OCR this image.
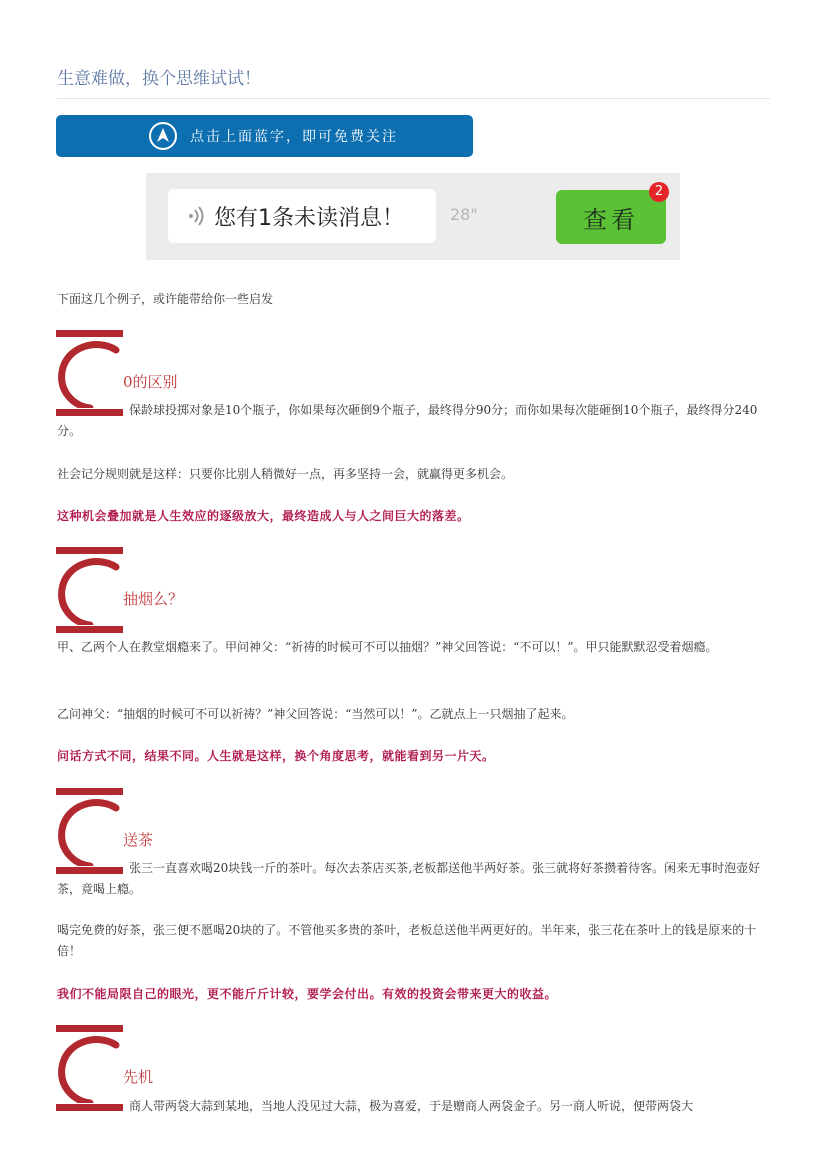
生意难做，换个思维试试！
点击上面蓝字，即可免费关注
您有1条未读消息！	28"	查看
2
下面这几个例子，或许能带给你一些启发
0的区别

保龄球投掷对象是10个瓶子，你如果每次砸倒9个瓶子，最终得分90分；而你如果每次能砸倒10个瓶子，最终得分240分。

社会记分规则就是这样：只要你比别人稍微好一点，再多坚持一会，就赢得更多机会。

这种机会叠加就是人生效应的逐级放大，最终造成人与人之间巨大的落差。

抽烟么？

甲、乙两个人在教堂烟瘾来了。甲问神父：“祈祷的时候可不可以抽烟？”神父回答说：“不可以！”。甲只能默默忍受着烟瘾。

乙问神父：“抽烟的时候可不可以祈祷？”神父回答说：“当然可以！”。乙就点上一只烟抽了起来。

问话方式不同，结果不同。人生就是这样，换个角度思考，就能看到另一片天。

送茶

张三一直喜欢喝20块钱一斤的茶叶。每次去茶店买茶,老板都送他半两好茶。张三就将好茶攒着待客。闲来无事时泡壶好茶，竟喝上瘾。

喝完免费的好茶，张三便不愿喝20块的了。不管他买多贵的茶叶，老板总送他半两更好的。半年来，张三花在茶叶上的钱是原来的十倍！

我们不能局限自己的眼光，更不能斤斤计较，要学会付出。有效的投资会带来更大的收益。

先机

商人带两袋大蒜到某地，当地人没见过大蒜，极为喜爱，于是赠商人两袋金子。另一商人听说，便带两袋大
